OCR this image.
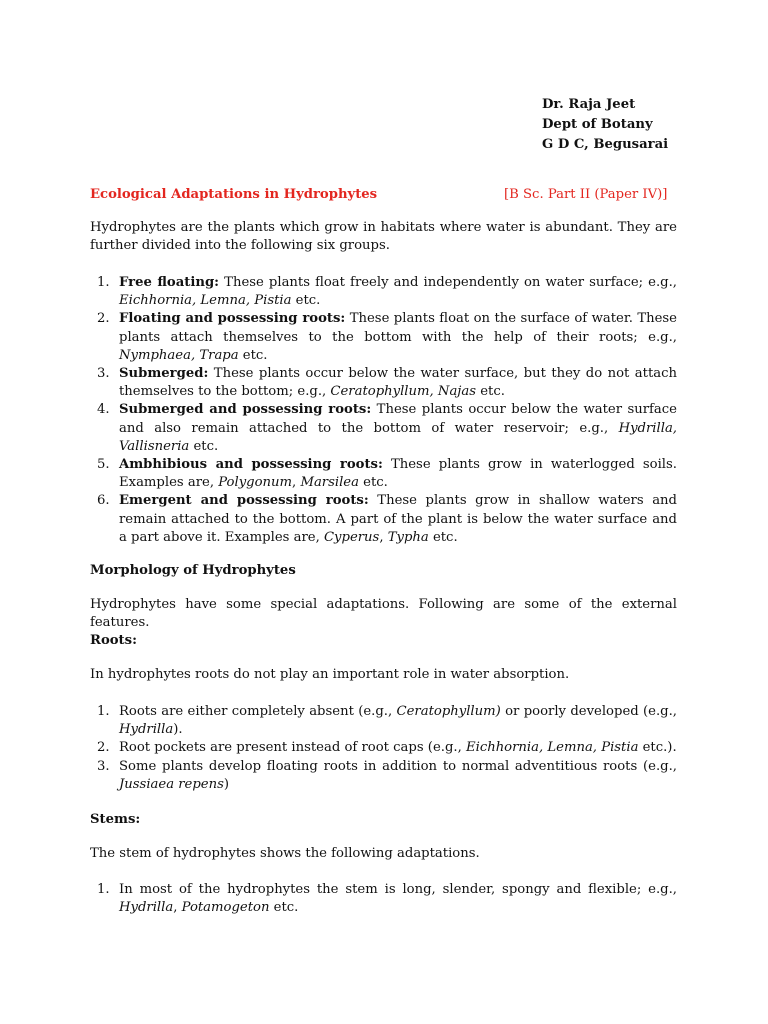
Dr. Raja Jeet
Dept of Botany
G D C, Begusarai
Ecological Adaptations in Hydrophytes	[B Sc. Part II (Paper IV)]
Hydrophytes are the plants which grow in habitats where water is abundant. They are further divided into the following six groups.
1. Free floating: These plants float freely and independently on water surface; e.g., Eichhornia, Lemna, Pistia etc.
2. Floating and possessing roots: These plants float on the surface of water. These plants attach themselves to the bottom with the help of their roots; e.g., Nymphaea, Trapa etc.
3. Submerged: These plants occur below the water surface, but they do not attach themselves to the bottom; e.g., Ceratophyllum, Najas etc.
4. Submerged and possessing roots: These plants occur below the water surface and also remain attached to the bottom of water reservoir; e.g., Hydrilla, Vallisneria etc.
5. Ambhibious and possessing roots: These plants grow in waterlogged soils. Examples are, Polygonum, Marsilea etc.
6. Emergent and possessing roots: These plants grow in shallow waters and remain attached to the bottom. A part of the plant is below the water surface and a part above it. Examples are, Cyperus, Typha etc.
Morphology of Hydrophytes
Hydrophytes have some special adaptations. Following are some of the external features.
Roots:
In hydrophytes roots do not play an important role in water absorption.
1. Roots are either completely absent (e.g., Ceratophyllum) or poorly developed (e.g., Hydrilla).
2. Root pockets are present instead of root caps (e.g., Eichhornia, Lemna, Pistia etc.).
3. Some plants develop floating roots in addition to normal adventitious roots (e.g., Jussiaea repens)
Stems:
The stem of hydrophytes shows the following adaptations.
1. In most of the hydrophytes the stem is long, slender, spongy and flexible; e.g., Hydrilla, Potamogeton etc.
